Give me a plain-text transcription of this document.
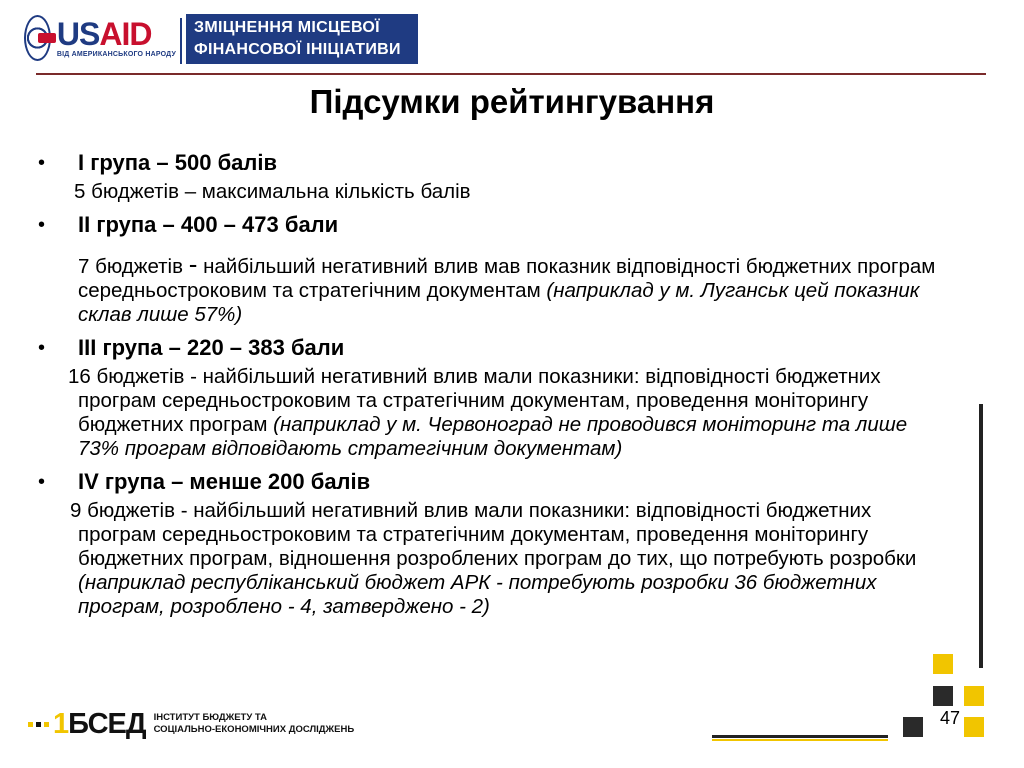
USAID
ВІД АМЕРИКАНСЬКОГО НАРОДУ
ЗМІЦНЕННЯ МІСЦЕВОЇ
ФІНАНСОВОЇ ІНІЦІАТИВИ
Підсумки рейтингування
•	І група – 500 балів
5 бюджетів – максимальна кількість балів
•	ІІ група – 400 – 473 бали
7 бюджетів - найбільший негативний влив мав показник відповідності бюджетних програм середньостроковим та стратегічним документам (наприклад у м. Луганськ цей показник склав лише 57%)
•	ІІІ група – 220 – 383 бали
16 бюджетів - найбільший негативний влив мали показники: відповідності бюджетних програм середньостроковим та стратегічним документам, проведення моніторингу бюджетних програм (наприклад у м. Червоноград не проводився моніторинг та лише 73% програм відповідають стратегічним документам)
•	IV група – менше 200 балів
9 бюджетів - найбільший негативний влив мали показники: відповідності бюджетних програм середньостроковим та стратегічним документам, проведення моніторингу бюджетних програм, відношення розроблених програм до тих, що потребують розробки (наприклад республіканський бюджет АРК - потребують розробки 36 бюджетних програм, розроблено - 4, затверджено - 2)
47
1БСЕД ІНСТИТУТ БЮДЖЕТУ ТА
СОЦІАЛЬНО-ЕКОНОМІЧНИХ ДОСЛІДЖЕНЬ
